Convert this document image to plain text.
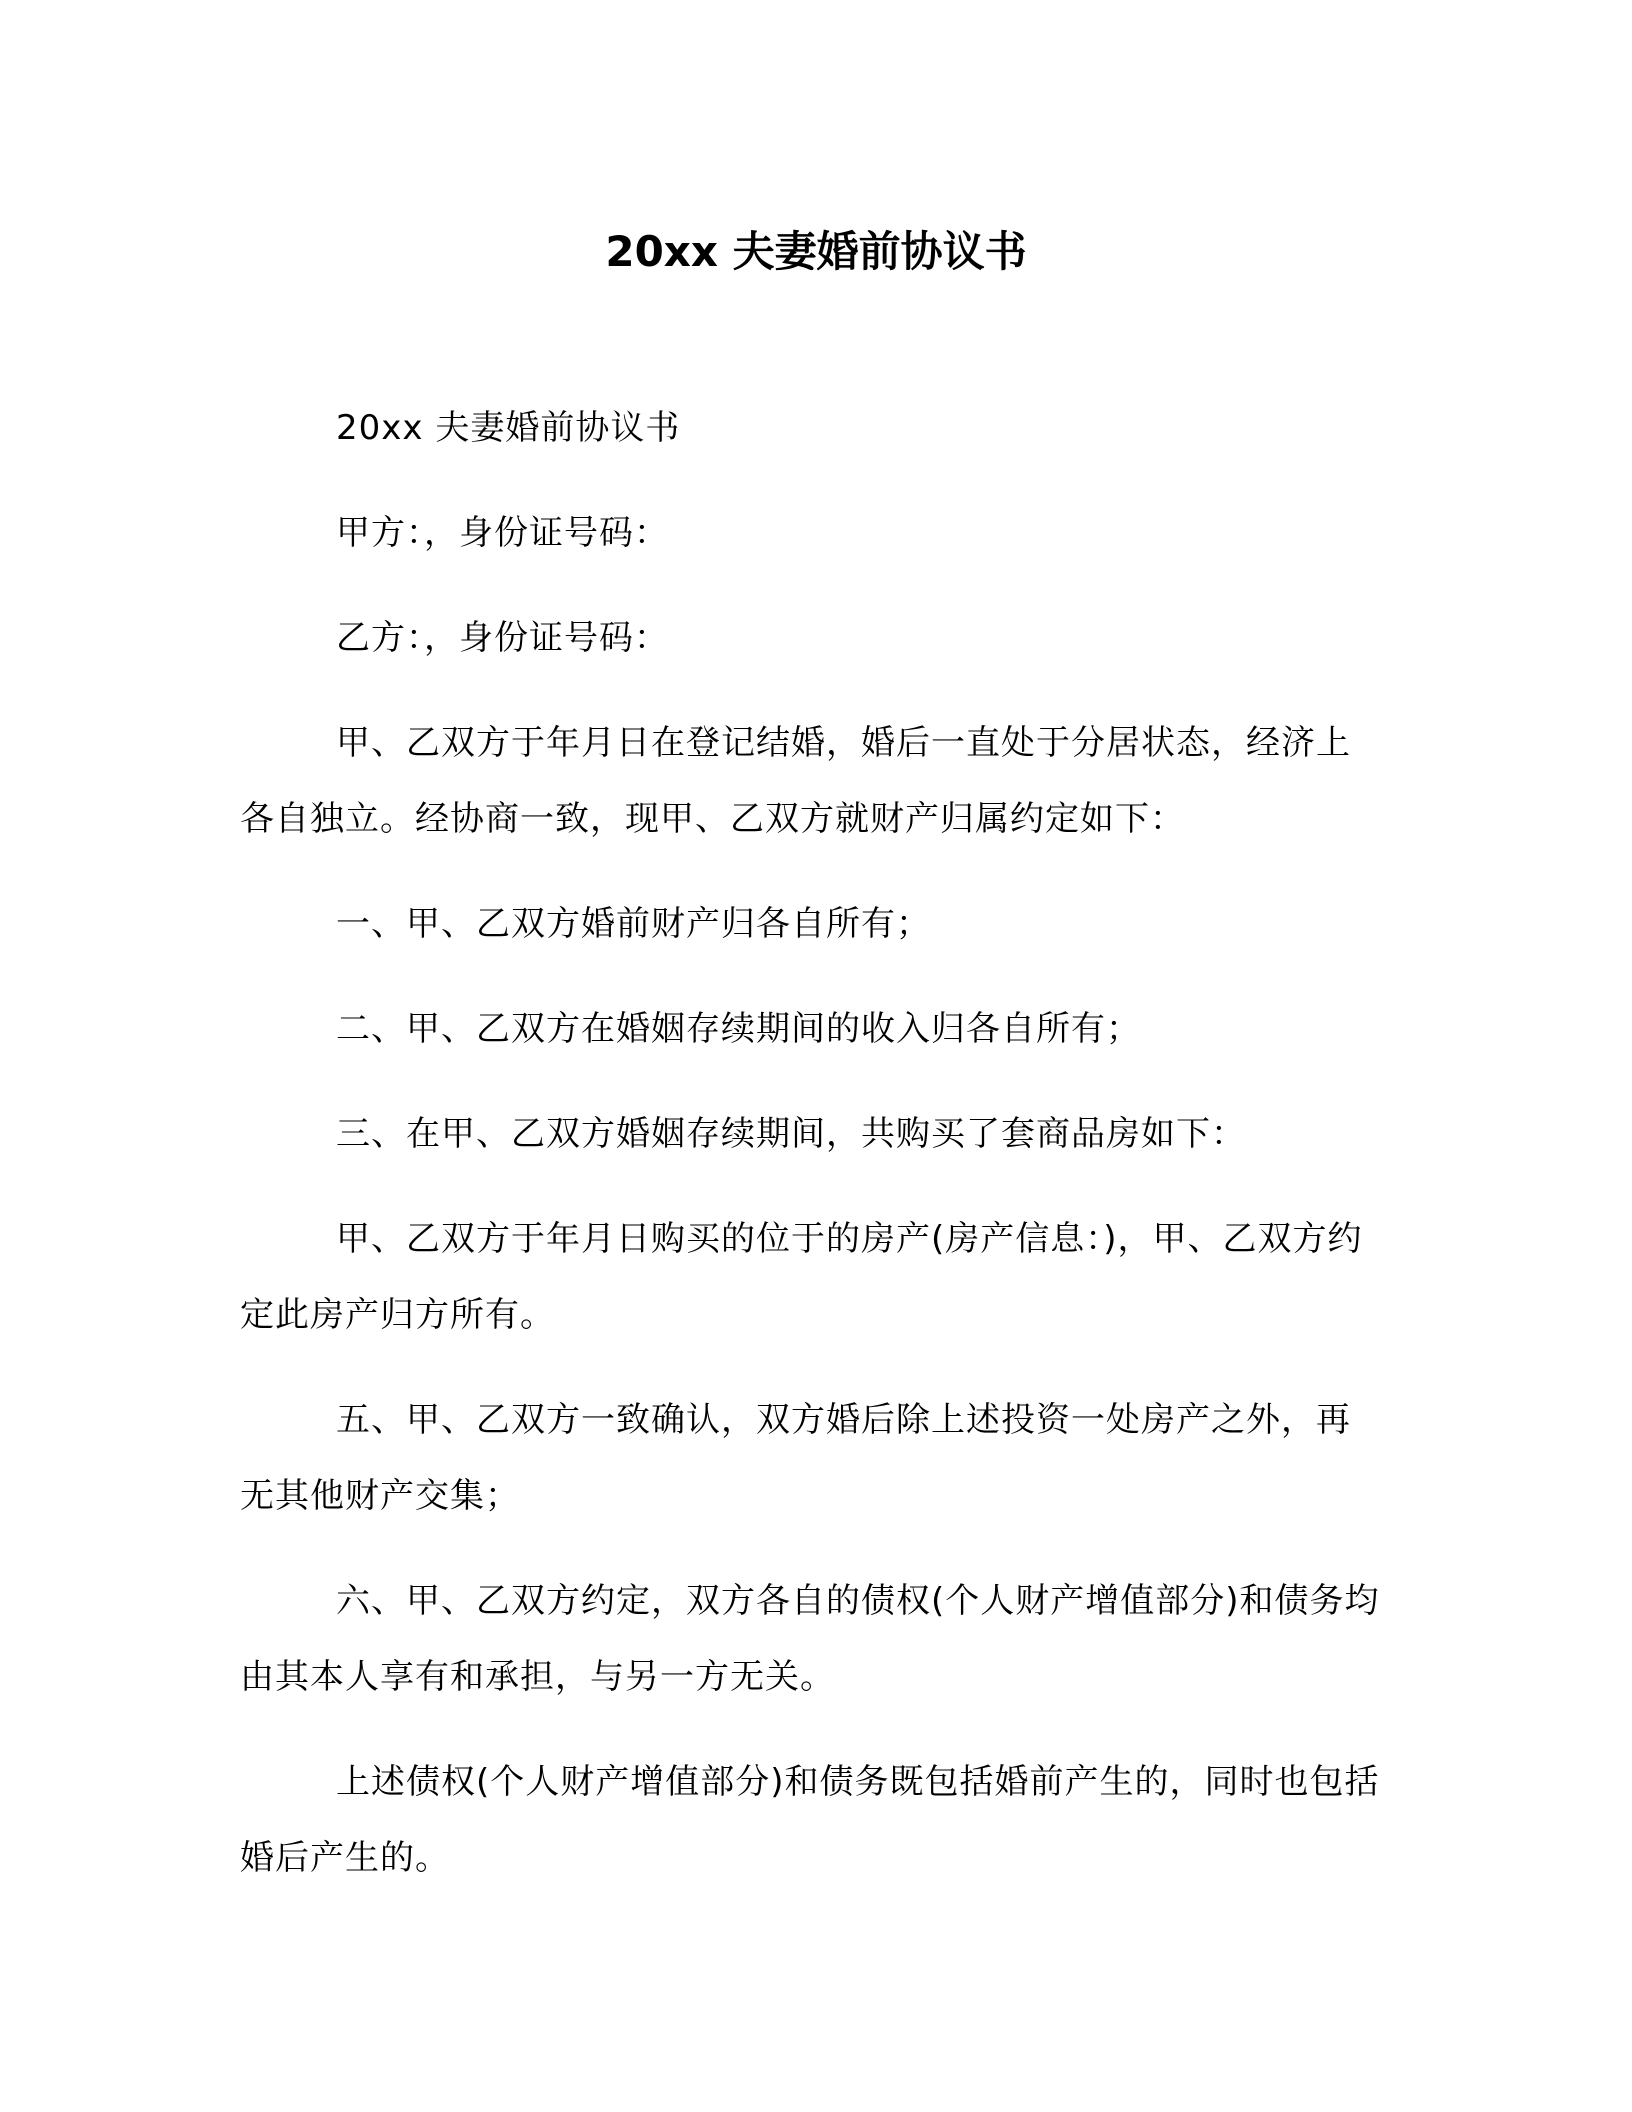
20xx 夫妻婚前协议书

20xx 夫妻婚前协议书

甲方：，身份证号码：

乙方：，身份证号码：

甲、乙双方于年月日在登记结婚，婚后一直处于分居状态，经济上各自独立。经协商一致，现甲、乙双方就财产归属约定如下：

一、甲、乙双方婚前财产归各自所有；

二、甲、乙双方在婚姻存续期间的收入归各自所有；

三、在甲、乙双方婚姻存续期间，共购买了套商品房如下：

甲、乙双方于年月日购买的位于的房产(房产信息：)，甲、乙双方约定此房产归方所有。

五、甲、乙双方一致确认，双方婚后除上述投资一处房产之外，再无其他财产交集；

六、甲、乙双方约定，双方各自的债权(个人财产增值部分)和债务均由其本人享有和承担，与另一方无关。

上述债权(个人财产增值部分)和债务既包括婚前产生的，同时也包括婚后产生的。
